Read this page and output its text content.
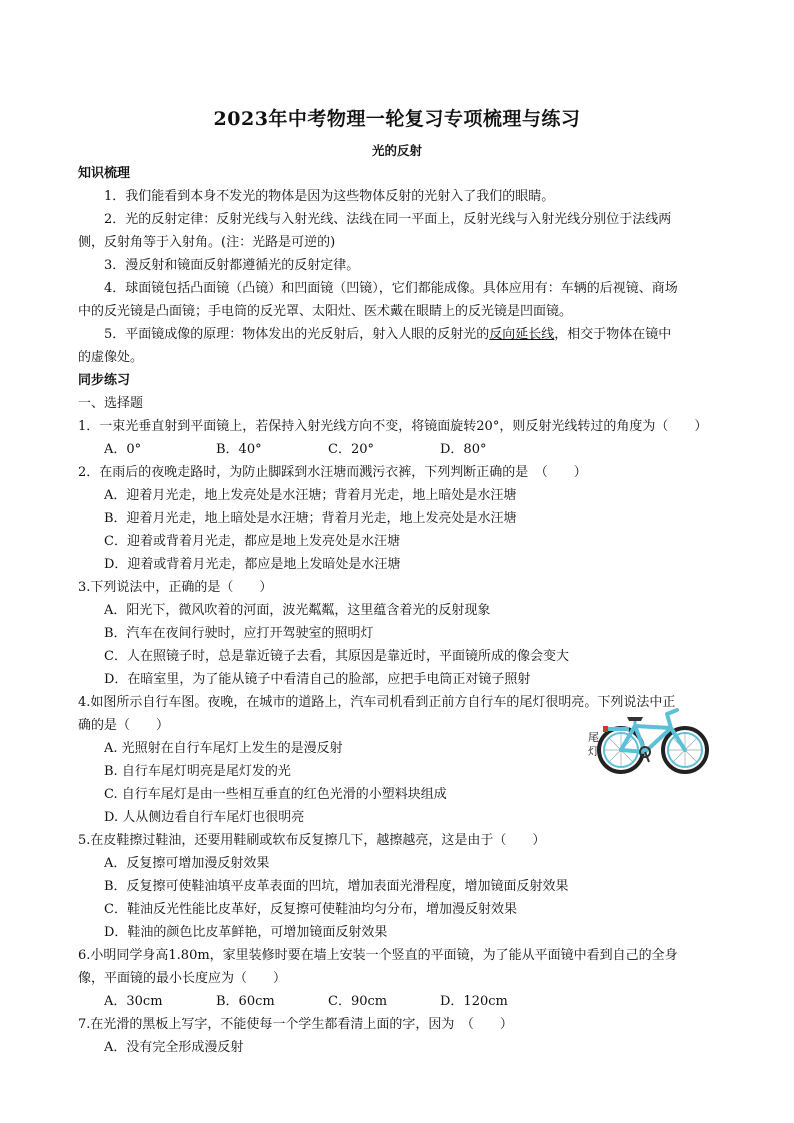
2023年中考物理一轮复习专项梳理与练习
光的反射
知识梳理
1．我们能看到本身不发光的物体是因为这些物体反射的光射入了我们的眼睛。
2．光的反射定律：反射光线与入射光线、法线在同一平面上，反射光线与入射光线分别位于法线两
侧，反射角等于入射角。(注：光路是可逆的)
3．漫反射和镜面反射都遵循光的反射定律。
4．球面镜包括凸面镜（凸镜）和凹面镜（凹镜），它们都能成像。具体应用有：车辆的后视镜、商场
中的反光镜是凸面镜；手电筒的反光罩、太阳灶、医术戴在眼睛上的反光镜是凹面镜。
5．平面镜成像的原理：物体发出的光反射后，射入人眼的反射光的反向延长线，相交于物体在镜中
的虚像处。
同步练习
一、选择题
1．一束光垂直射到平面镜上，若保持入射光线方向不变，将镜面旋转20°，则反射光线转过的角度为（　　）
A．0°	B．40°	C．20°	D．80°
2．在雨后的夜晚走路时，为防止脚踩到水汪塘而溅污衣裤，下列判断正确的是　（　　）
A．迎着月光走，地上发亮处是水汪塘；背着月光走，地上暗处是水汪塘
B．迎着月光走，地上暗处是水汪塘；背着月光走，地上发亮处是水汪塘
C．迎着或背着月光走，都应是地上发亮处是水汪塘
D．迎着或背着月光走，都应是地上发暗处是水汪塘
3.下列说法中，正确的是（　　）
A．阳光下，微风吹着的河面，波光粼粼，这里蕴含着光的反射现象
B．汽车在夜间行驶时，应打开驾驶室的照明灯
C．人在照镜子时，总是靠近镜子去看，其原因是靠近时，平面镜所成的像会变大
D．在暗室里，为了能从镜子中看清自己的脸部，应把手电筒正对镜子照射
4.如图所示自行车图。夜晚，在城市的道路上，汽车司机看到正前方自行车的尾灯很明亮。下列说法中正
确的是（　　）
A. 光照射在自行车尾灯上发生的是漫反射
B. 自行车尾灯明亮是尾灯发的光
C. 自行车尾灯是由一些相互垂直的红色光滑的小塑料块组成
D. 人从侧边看自行车尾灯也很明亮
5.在皮鞋擦过鞋油，还要用鞋刷或软布反复擦几下，越擦越亮，这是由于（　　）
A．反复擦可增加漫反射效果
B．反复擦可使鞋油填平皮革表面的凹坑，增加表面光滑程度，增加镜面反射效果
C．鞋油反光性能比皮革好，反复擦可使鞋油均匀分布，增加漫反射效果
D．鞋油的颜色比皮革鲜艳，可增加镜面反射效果
6.小明同学身高1.80m，家里装修时要在墙上安装一个竖直的平面镜，为了能从平面镜中看到自己的全身
像，平面镜的最小长度应为（　　）
A．30cm	B．60cm	C．90cm	D．120cm
7.在光滑的黑板上写字，不能使每一个学生都看清上面的字，因为　（　　）
A．没有完全形成漫反射
尾灯
